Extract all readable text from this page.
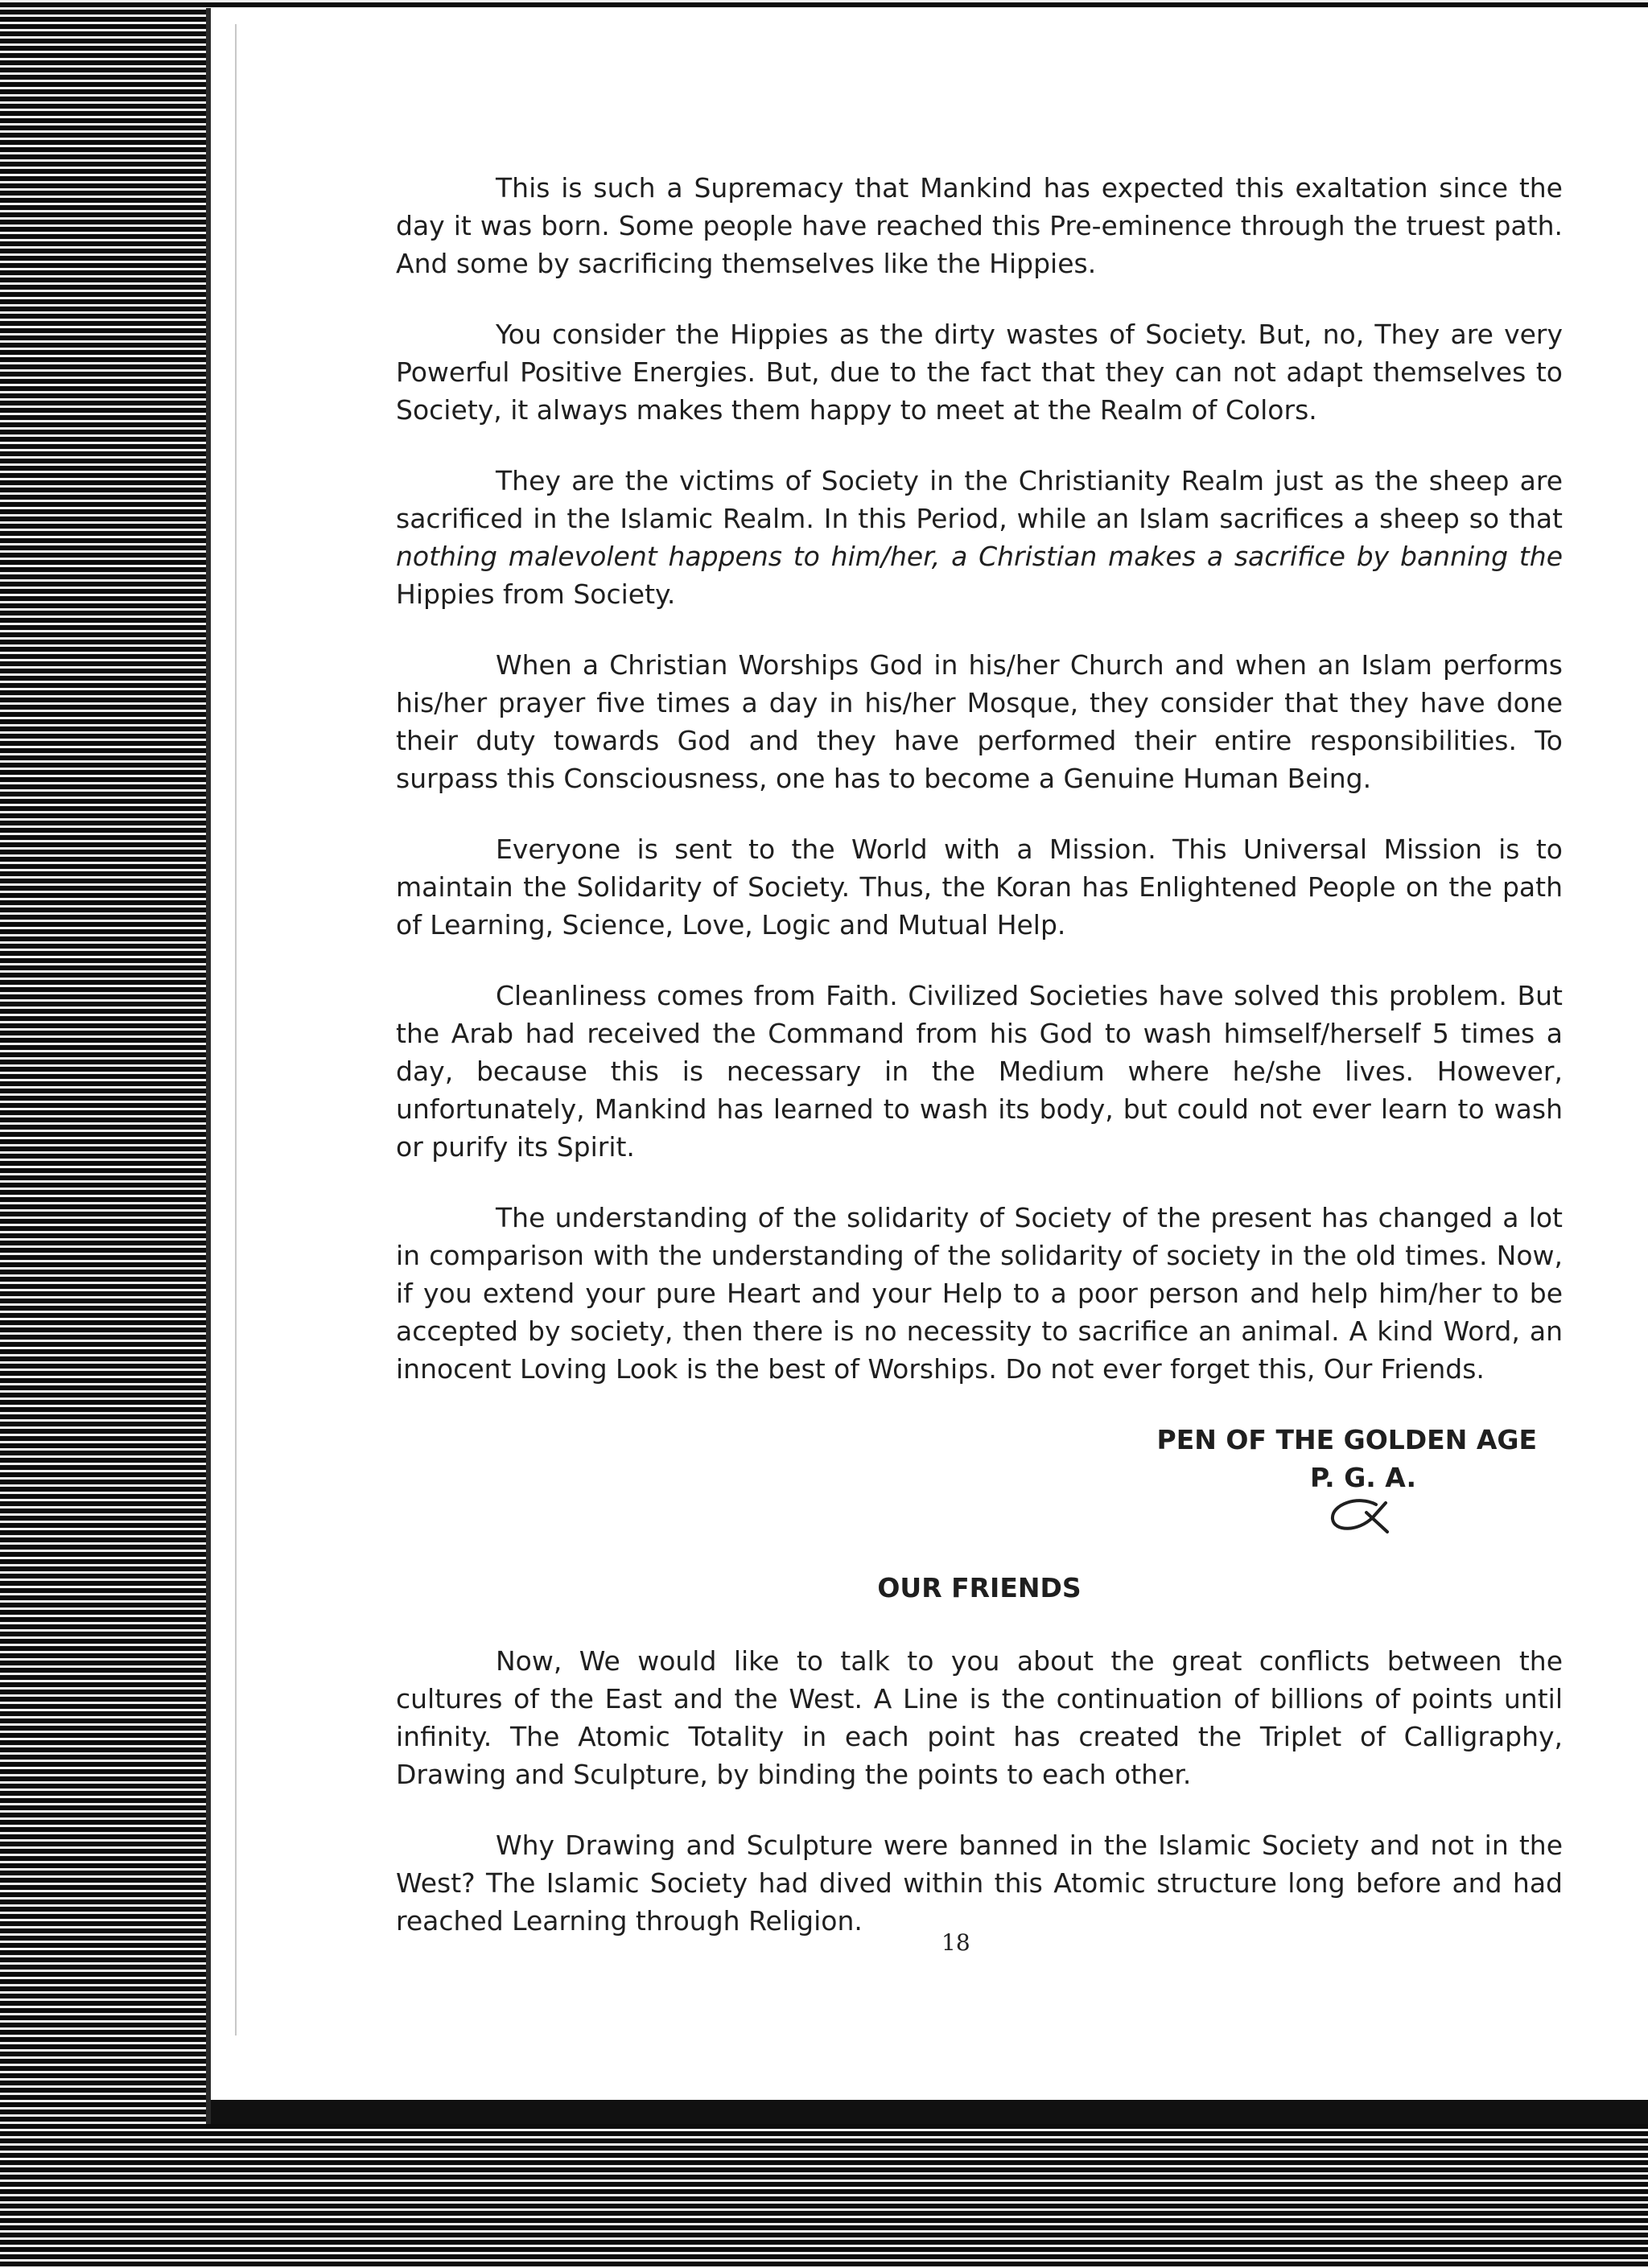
This is such a Supremacy that Mankind has expected this exaltation since the day it was born. Some people have reached this Pre-eminence through the truest path. And some by sacrificing themselves like the Hippies.

You consider the Hippies as the dirty wastes of Society. But, no, They are very Powerful Positive Energies. But, due to the fact that they can not adapt themselves to Society, it always makes them happy to meet at the Realm of Colors.

They are the victims of Society in the Christianity Realm just as the sheep are sacrificed in the Islamic Realm. In this Period, while an Islam sacrifices a sheep so that nothing malevolent happens to him/her, a Christian makes a sacrifice by banning the Hippies from Society.

When a Christian Worships God in his/her Church and when an Islam performs his/her prayer five times a day in his/her Mosque, they consider that they have done their duty towards God and they have performed their entire responsibilities. To surpass this Consciousness, one has to become a Genuine Human Being.

Everyone is sent to the World with a Mission. This Universal Mission is to maintain the Solidarity of Society. Thus, the Koran has Enlightened People on the path of Learning, Science, Love, Logic and Mutual Help.

Cleanliness comes from Faith. Civilized Societies have solved this problem. But the Arab had received the Command from his God to wash himself/herself 5 times a day, because this is necessary in the Medium where he/she lives. However, unfortunately, Mankind has learned to wash its body, but could not ever learn to wash or purify its Spirit.

The understanding of the solidarity of Society of the present has changed a lot in comparison with the understanding of the solidarity of society in the old times. Now, if you extend your pure Heart and your Help to a poor person and help him/her to be accepted by society, then there is no necessity to sacrifice an animal. A kind Word, an innocent Loving Look is the best of Worships. Do not ever forget this, Our Friends.

PEN OF THE GOLDEN AGE
P. G. A.
OUR FRIENDS

Now, We would like to talk to you about the great conflicts between the cultures of the East and the West. A Line is the continuation of billions of points until infinity. The Atomic Totality in each point has created the Triplet of Calligraphy, Drawing and Sculpture, by binding the points to each other.

Why Drawing and Sculpture were banned in the Islamic Society and not in the West? The Islamic Society had dived within this Atomic structure long before and had reached Learning through Religion.

18
